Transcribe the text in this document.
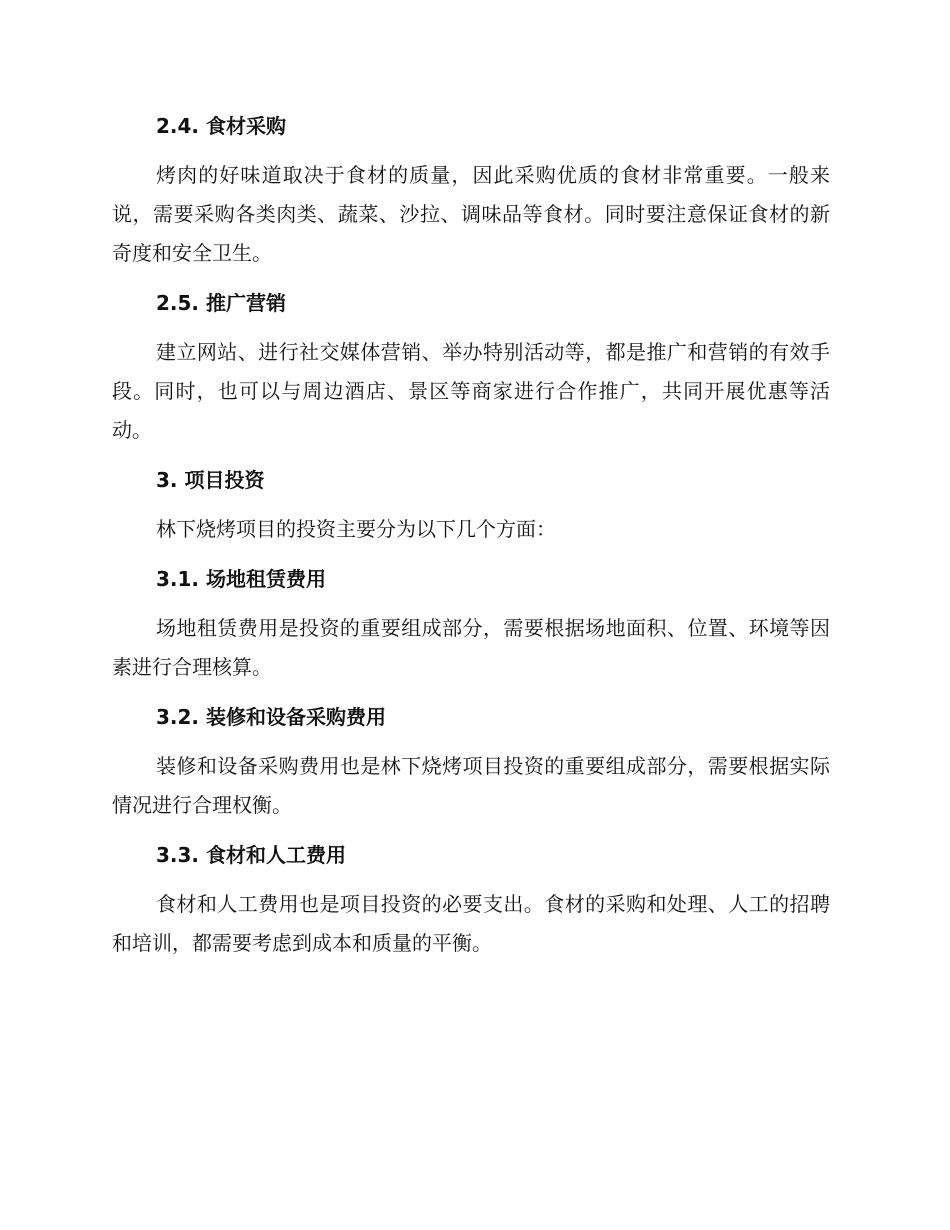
2.4. 食材采购

烤肉的好味道取决于食材的质量，因此采购优质的食材非常重要。一般来说，需要采购各类肉类、蔬菜、沙拉、调味品等食材。同时要注意保证食材的新奇度和安全卫生。

2.5. 推广营销

建立网站、进行社交媒体营销、举办特别活动等，都是推广和营销的有效手段。同时，也可以与周边酒店、景区等商家进行合作推广，共同开展优惠等活动。

3. 项目投资

林下烧烤项目的投资主要分为以下几个方面：

3.1. 场地租赁费用

场地租赁费用是投资的重要组成部分，需要根据场地面积、位置、环境等因素进行合理核算。

3.2. 装修和设备采购费用

装修和设备采购费用也是林下烧烤项目投资的重要组成部分，需要根据实际情况进行合理权衡。

3.3. 食材和人工费用

食材和人工费用也是项目投资的必要支出。食材的采购和处理、人工的招聘和培训，都需要考虑到成本和质量的平衡。
